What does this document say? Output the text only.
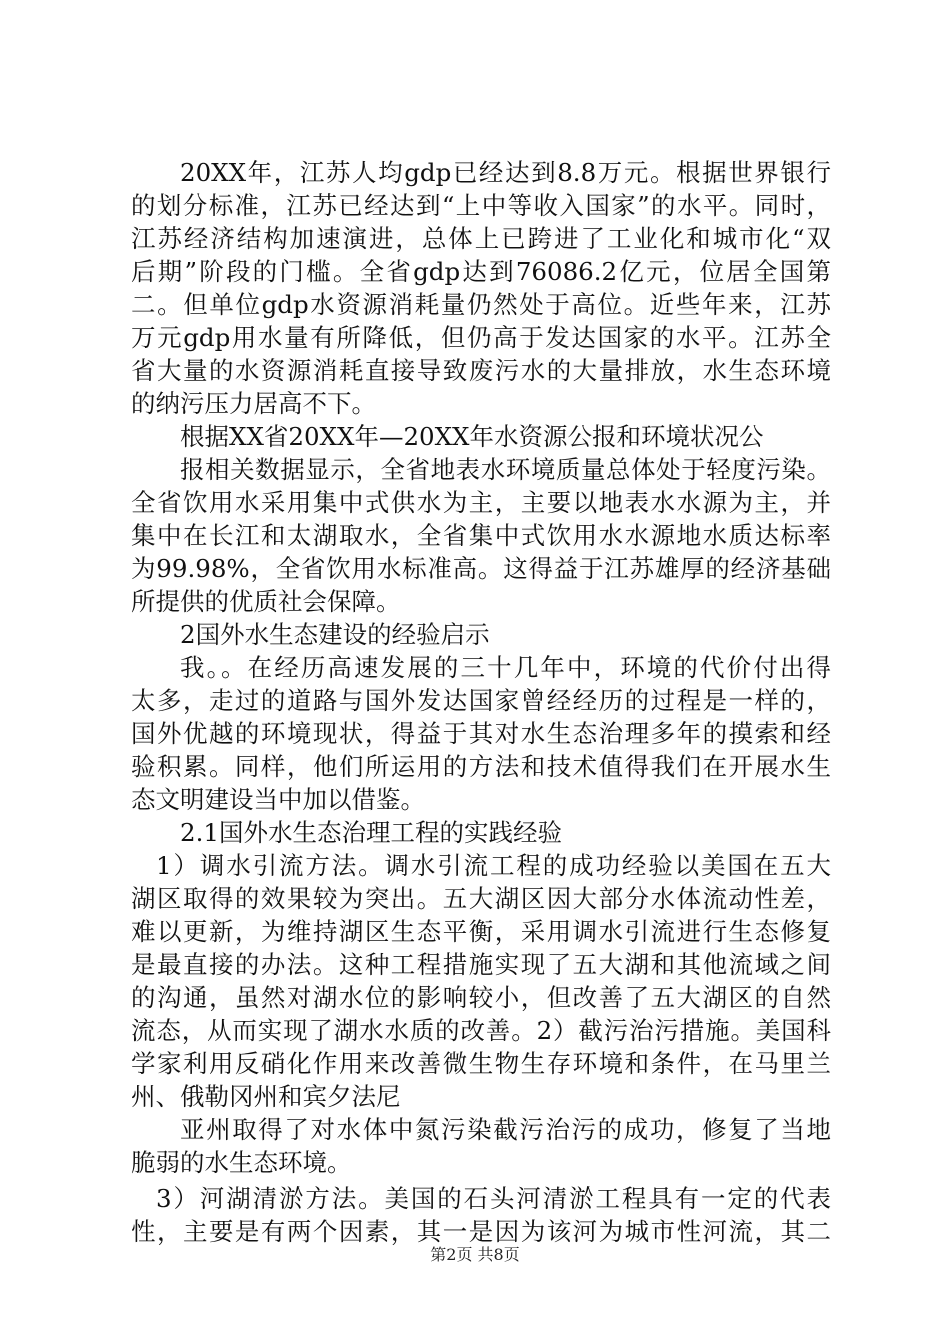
20XX年，江苏人均gdp已经达到8.8万元。根据世界银行
的划分标准，江苏已经达到“上中等收入国家”的水平。同时，
江苏经济结构加速演进，总体上已跨进了工业化和城市化“双
后期”阶段的门槛。全省gdp达到76086.2亿元，位居全国第
二。但单位gdp水资源消耗量仍然处于高位。近些年来，江苏
万元gdp用水量有所降低，但仍高于发达国家的水平。江苏全
省大量的水资源消耗直接导致废污水的大量排放，水生态环境
的纳污压力居高不下。
根据XX省20XX年—20XX年水资源公报和环境状况公
报相关数据显示，全省地表水环境质量总体处于轻度污染。
全省饮用水采用集中式供水为主，主要以地表水水源为主，并
集中在长江和太湖取水，全省集中式饮用水水源地水质达标率
为99.98%，全省饮用水标准高。这得益于江苏雄厚的经济基础
所提供的优质社会保障。
2国外水生态建设的经验启示
我。。在经历高速发展的三十几年中，环境的代价付出得
太多，走过的道路与国外发达国家曾经经历的过程是一样的，
国外优越的环境现状，得益于其对水生态治理多年的摸索和经
验积累。同样，他们所运用的方法和技术值得我们在开展水生
态文明建设当中加以借鉴。
2.1国外水生态治理工程的实践经验
1）调水引流方法。调水引流工程的成功经验以美国在五大
湖区取得的效果较为突出。五大湖区因大部分水体流动性差，
难以更新，为维持湖区生态平衡，采用调水引流进行生态修复
是最直接的办法。这种工程措施实现了五大湖和其他流域之间
的沟通，虽然对湖水位的影响较小，但改善了五大湖区的自然
流态，从而实现了湖水水质的改善。2）截污治污措施。美国科
学家利用反硝化作用来改善微生物生存环境和条件，在马里兰
州、俄勒冈州和宾夕法尼
亚州取得了对水体中氮污染截污治污的成功，修复了当地
脆弱的水生态环境。
3）河湖清淤方法。美国的石头河清淤工程具有一定的代表
性，主要是有两个因素，其一是因为该河为城市性河流，其二
第2页 共8页
